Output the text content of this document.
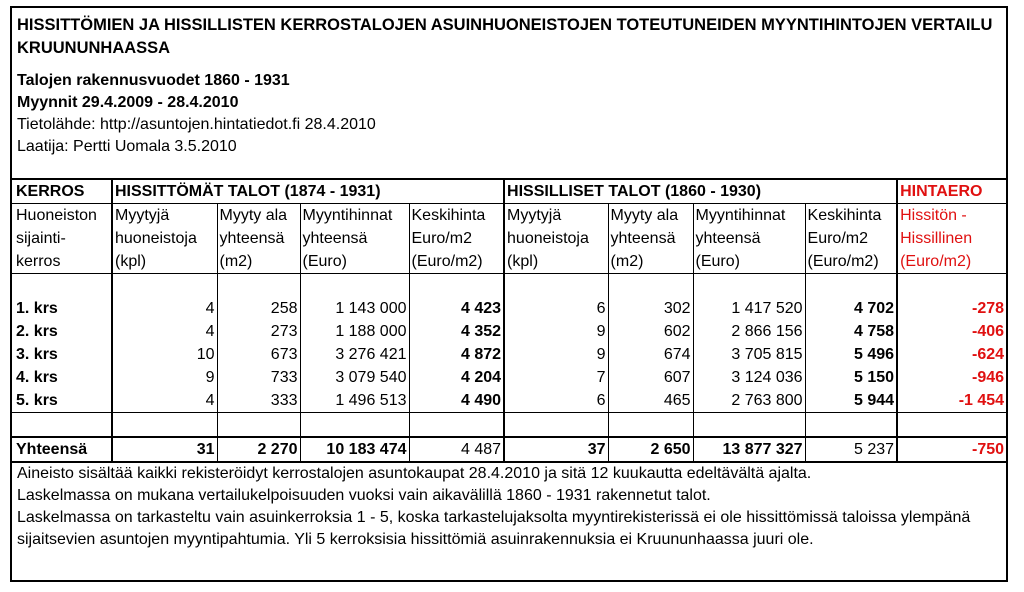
HISSITTÖMIEN JA HISSILLISTEN KERROSTALOJEN ASUINHUONEISTOJEN TOTEUTUNEIDEN MYYNTIHINTOJEN VERTAILU KRUUNUNHAASSA

Talojen rakennusvuodet 1860 - 1931
Myynnit 29.4.2009 - 28.4.2010
Tietolähde: http://asuntojen.hintatiedot.fi 28.4.2010
Laatija: Pertti Uomala 3.5.2010
KERROS	HISSITTÖMÄT TALOT (1874 - 1931)				HISSILLISET TALOT (1860 - 1930)				HINTAERO
Huoneiston	Myytyjä	Myyty ala	Myyntihinnat	Keskihinta	Myytyjä	Myyty ala	Myyntihinnat	Keskihinta	Hissitön -
sijainti-	huoneistoja	yhteensä	yhteensä	Euro/m2	huoneistoja	yhteensä	yhteensä	Euro/m2	Hissillinen
kerros	(kpl)	(m2)	(Euro)	(Euro/m2)	(kpl)	(m2)	(Euro)	(Euro/m2)	(Euro/m2)

1. krs	4	258	1 143 000	4 423	6	302	1 417 520	4 702	-278
2. krs	4	273	1 188 000	4 352	9	602	2 866 156	4 758	-406
3. krs	10	673	3 276 421	4 872	9	674	3 705 815	5 496	-624
4. krs	9	733	3 079 540	4 204	7	607	3 124 036	5 150	-946
5. krs	4	333	1 496 513	4 490	6	465	2 763 800	5 944	-1 454

Yhteensä	31	2 270	10 183 474	4 487	37	2 650	13 877 327	5 237	-750
Aineisto sisältää kaikki rekisteröidyt kerrostalojen asuntokaupat 28.4.2010 ja sitä 12 kuukautta edeltävältä ajalta.
Laskelmassa on mukana vertailukelpoisuuden vuoksi vain aikavälillä 1860 - 1931 rakennetut talot.
Laskelmassa on tarkasteltu vain asuinkerroksia 1 - 5, koska tarkastelujaksolta myyntirekisterissä ei ole hissittömissä taloissa ylempänä sijaitsevien asuntojen myyntipahtumia. Yli 5 kerroksisia hissittömiä asuinrakennuksia ei Kruununhaassa juuri ole.
